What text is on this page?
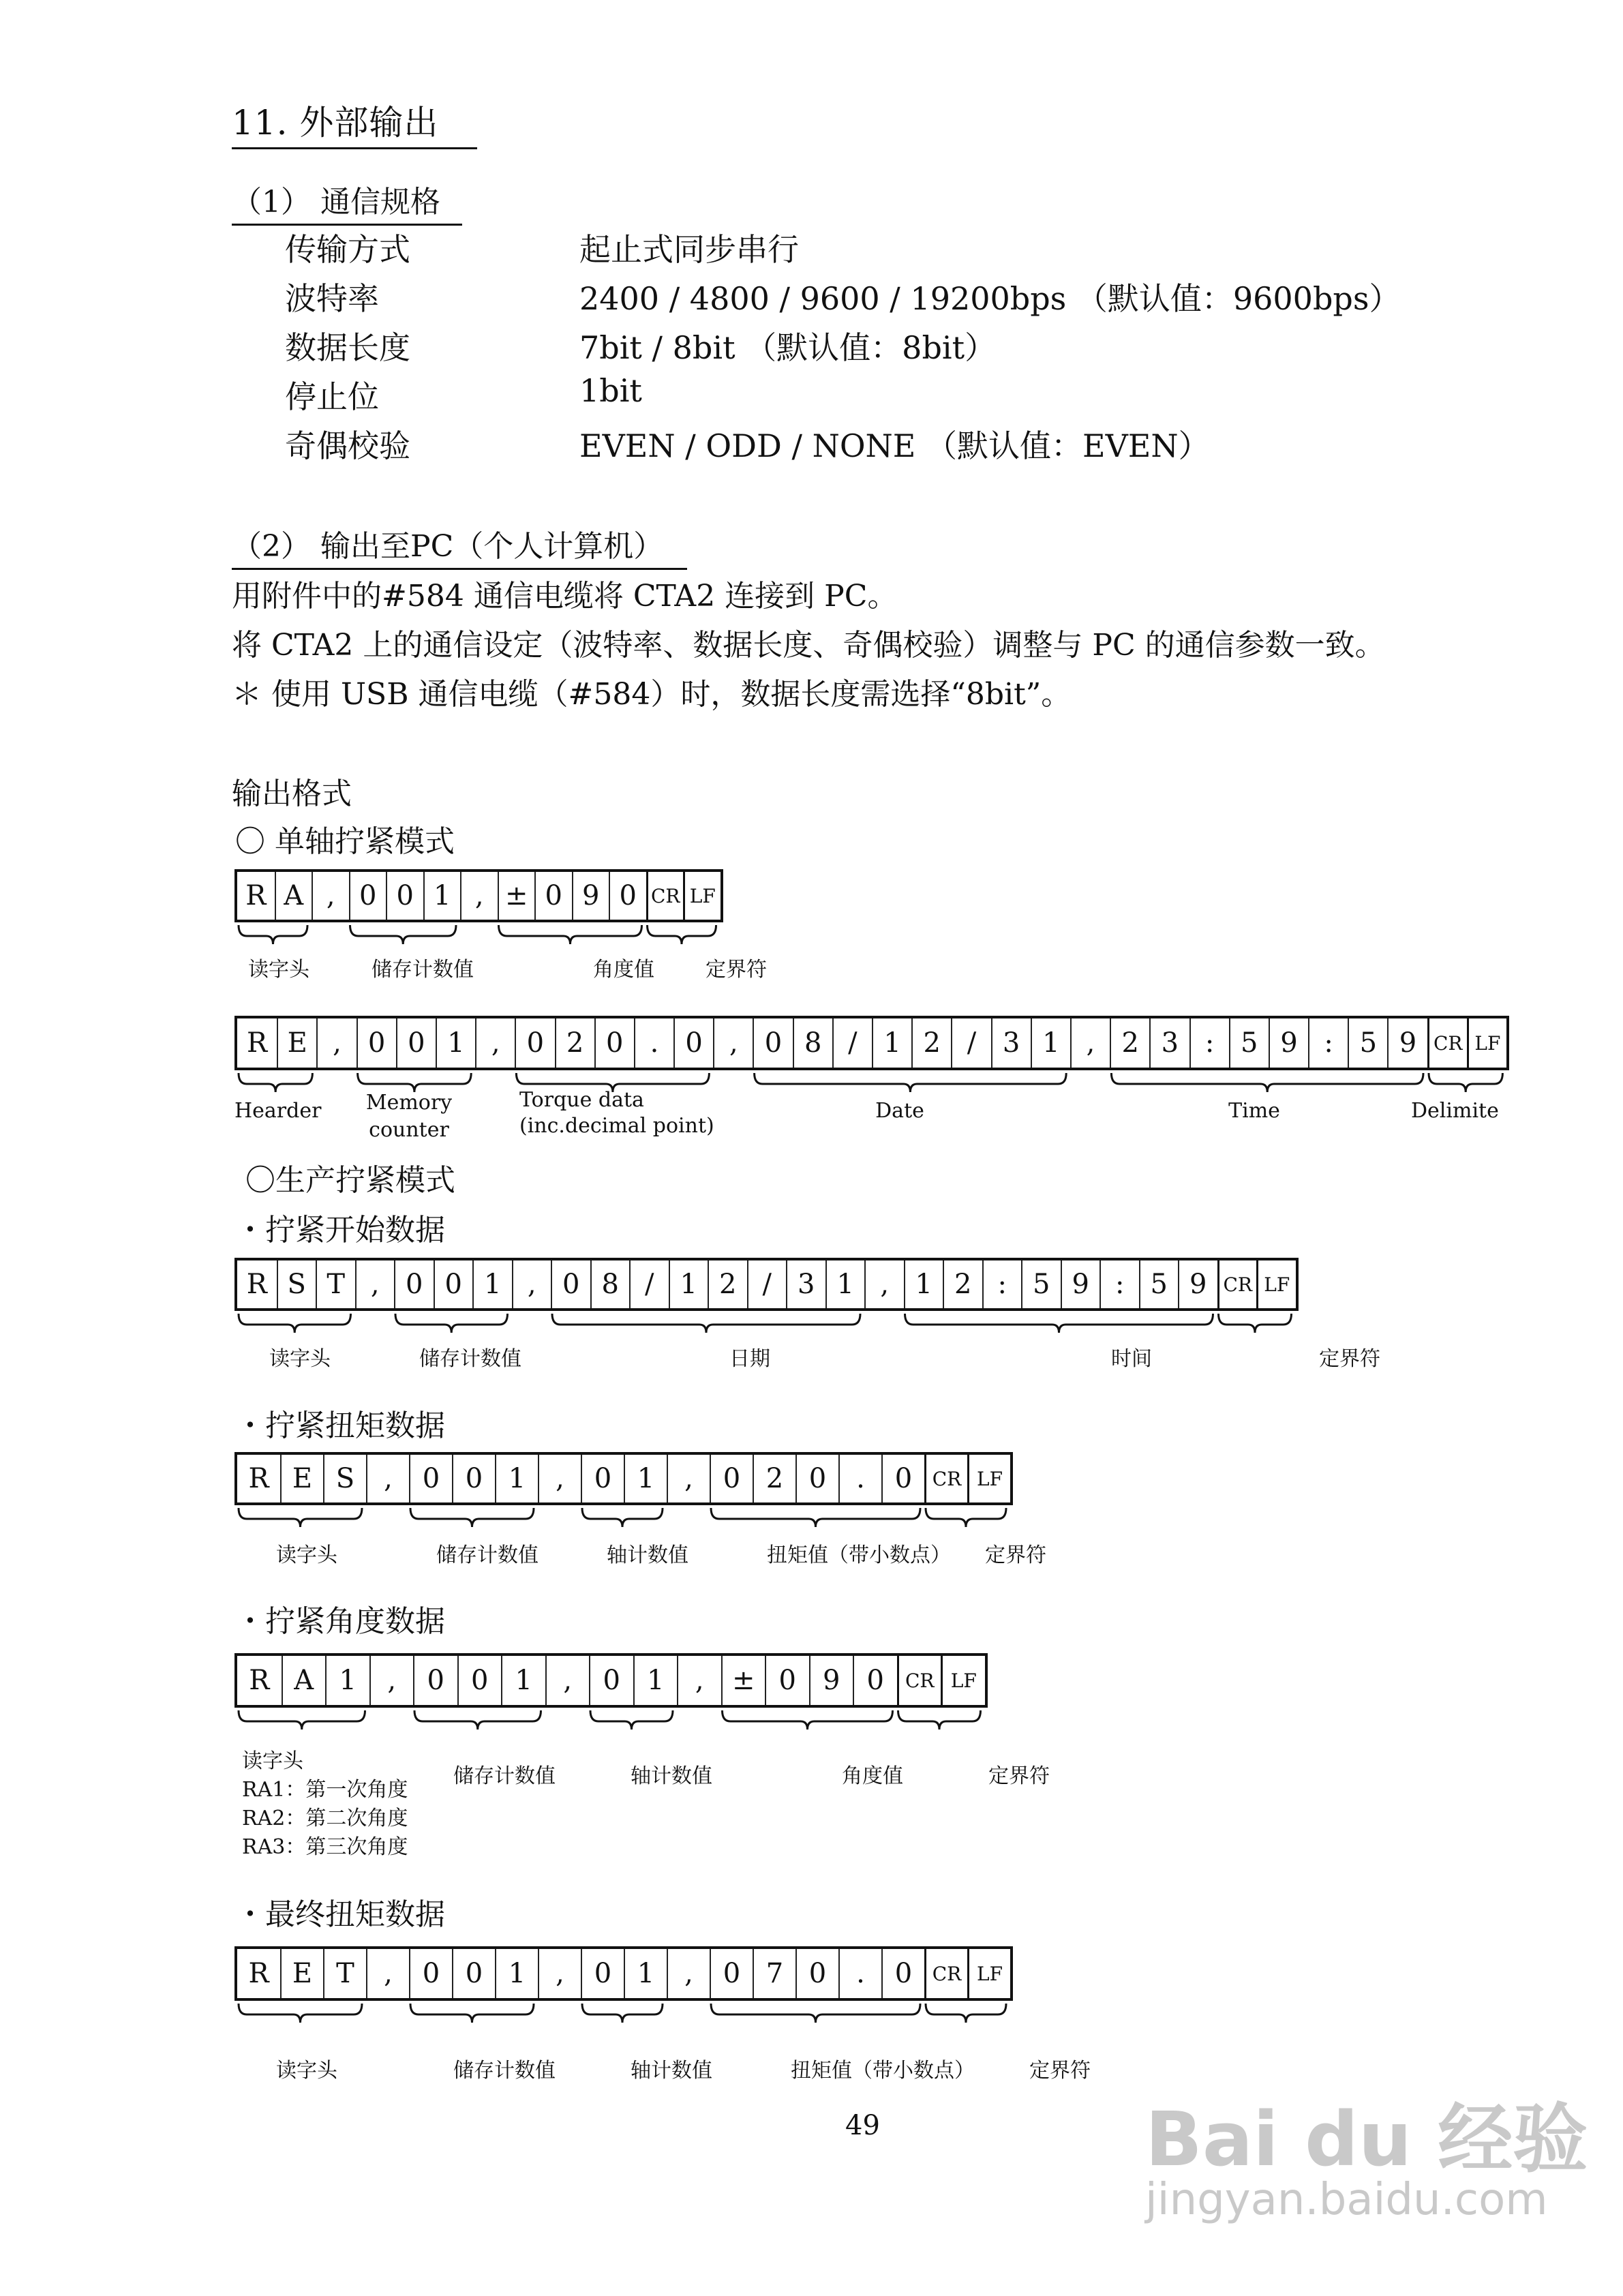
11. 外部输出
（1） 通信规格
传输方式	起止式同步串行
波特率	2400 / 4800 / 9600 / 19200bps （默认值：9600bps）
数据长度	7bit / 8bit （默认值：8bit）
停止位	1bit
奇偶校验	EVEN / ODD / NONE （默认值：EVEN）
（2） 输出至PC（个人计算机）
用附件中的#584 通信电缆将 CTA2 连接到 PC。
将 CTA2 上的通信设定（波特率、数据长度、奇偶校验）调整与 PC 的通信参数一致。
＊ 使用 USB 通信电缆（#584）时，数据长度需选择“8bit”。
输出格式
〇 单轴拧紧模式
R A , 0 0 1 , ± 0 9 0 CR LF
读字头	储存计数值	角度值	定界符
R E , 0 0 1 , 0 2 0 . 0 , 0 8 / 1 2 / 3 1 , 2 3 : 5 9 : 5 9 CR LF
Hearder	Memory
counter
Torque data
(inc.decimal point)
Date	Time	Delimite
〇生产拧紧模式
・拧紧开始数据
R S T , 0 0 1 , 0 8 / 1 2 / 3 1 , 1 2 : 5 9 : 5 9 CR LF
读字头	储存计数值	日期	时间	定界符
・拧紧扭矩数据
R E S	,	0 0 1	,	0 1	,	0 2 0	.	0	CR LF
读字头	储存计数值	轴计数值	扭矩值（带小数点）	定界符
・拧紧角度数据
R A 1	,	0 0 1	,	0 1	,	± 0 9 0	CR LF
读字头
RA1：第一次角度
RA2：第二次角度
RA3：第三次角度
储存计数值	轴计数值	角度值	定界符
・最终扭矩数据
R E T	,	0 0 1	,	0 1	,	0 7 0	.	0	CR LF
读字头	储存计数值	轴计数值	扭矩值（带小数点）	定界符
49	Bai du 经验
jingyan.baidu.com
